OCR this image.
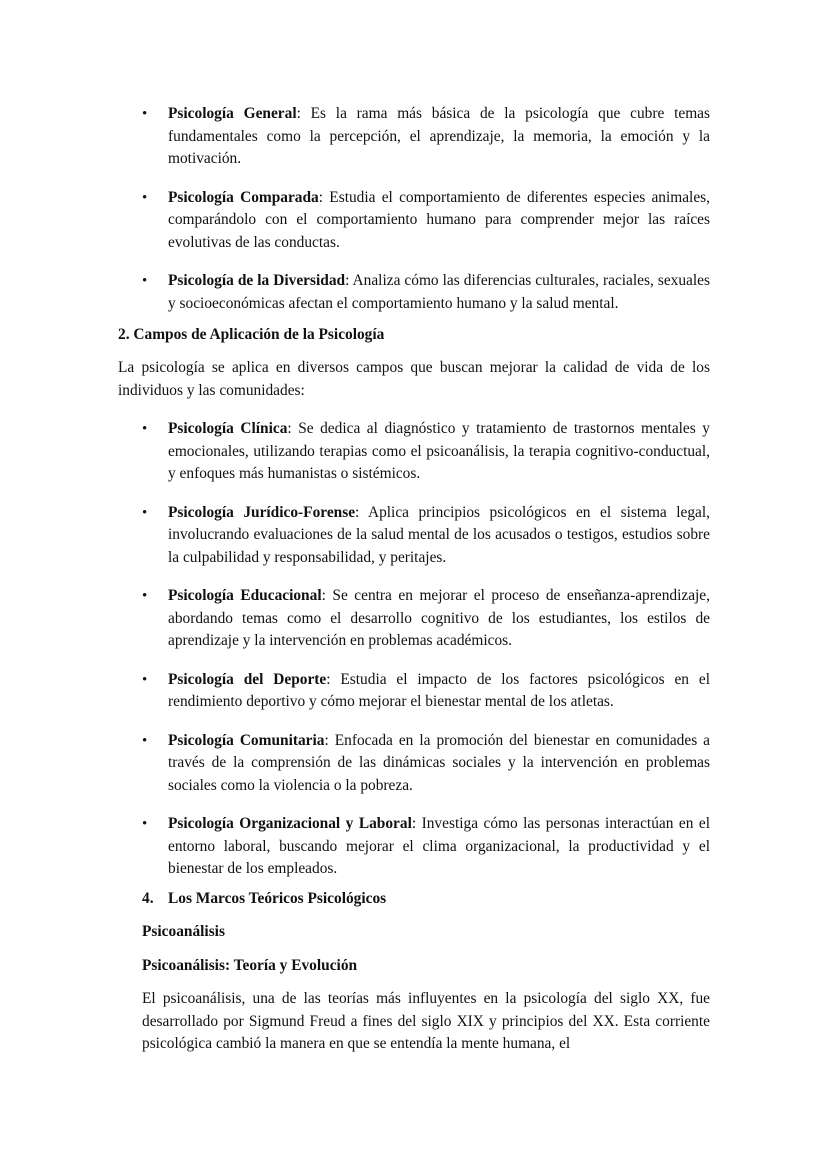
• Psicología General: Es la rama más básica de la psicología que cubre temas fundamentales como la percepción, el aprendizaje, la memoria, la emoción y la motivación.
• Psicología Comparada: Estudia el comportamiento de diferentes especies animales, comparándolo con el comportamiento humano para comprender mejor las raíces evolutivas de las conductas.
• Psicología de la Diversidad: Analiza cómo las diferencias culturales, raciales, sexuales y socioeconómicas afectan el comportamiento humano y la salud mental.

2. Campos de Aplicación de la Psicología

La psicología se aplica en diversos campos que buscan mejorar la calidad de vida de los individuos y las comunidades:

• Psicología Clínica: Se dedica al diagnóstico y tratamiento de trastornos mentales y emocionales, utilizando terapias como el psicoanálisis, la terapia cognitivo-conductual, y enfoques más humanistas o sistémicos.
• Psicología Jurídico-Forense: Aplica principios psicológicos en el sistema legal, involucrando evaluaciones de la salud mental de los acusados o testigos, estudios sobre la culpabilidad y responsabilidad, y peritajes.
• Psicología Educacional: Se centra en mejorar el proceso de enseñanza-aprendizaje, abordando temas como el desarrollo cognitivo de los estudiantes, los estilos de aprendizaje y la intervención en problemas académicos.
• Psicología del Deporte: Estudia el impacto de los factores psicológicos en el rendimiento deportivo y cómo mejorar el bienestar mental de los atletas.
• Psicología Comunitaria: Enfocada en la promoción del bienestar en comunidades a través de la comprensión de las dinámicas sociales y la intervención en problemas sociales como la violencia o la pobreza.
• Psicología Organizacional y Laboral: Investiga cómo las personas interactúan en el entorno laboral, buscando mejorar el clima organizacional, la productividad y el bienestar de los empleados.

4. Los Marcos Teóricos Psicológicos

Psicoanálisis

Psicoanálisis: Teoría y Evolución

El psicoanálisis, una de las teorías más influyentes en la psicología del siglo XX, fue desarrollado por Sigmund Freud a fines del siglo XIX y principios del XX. Esta corriente psicológica cambió la manera en que se entendía la mente humana, el
